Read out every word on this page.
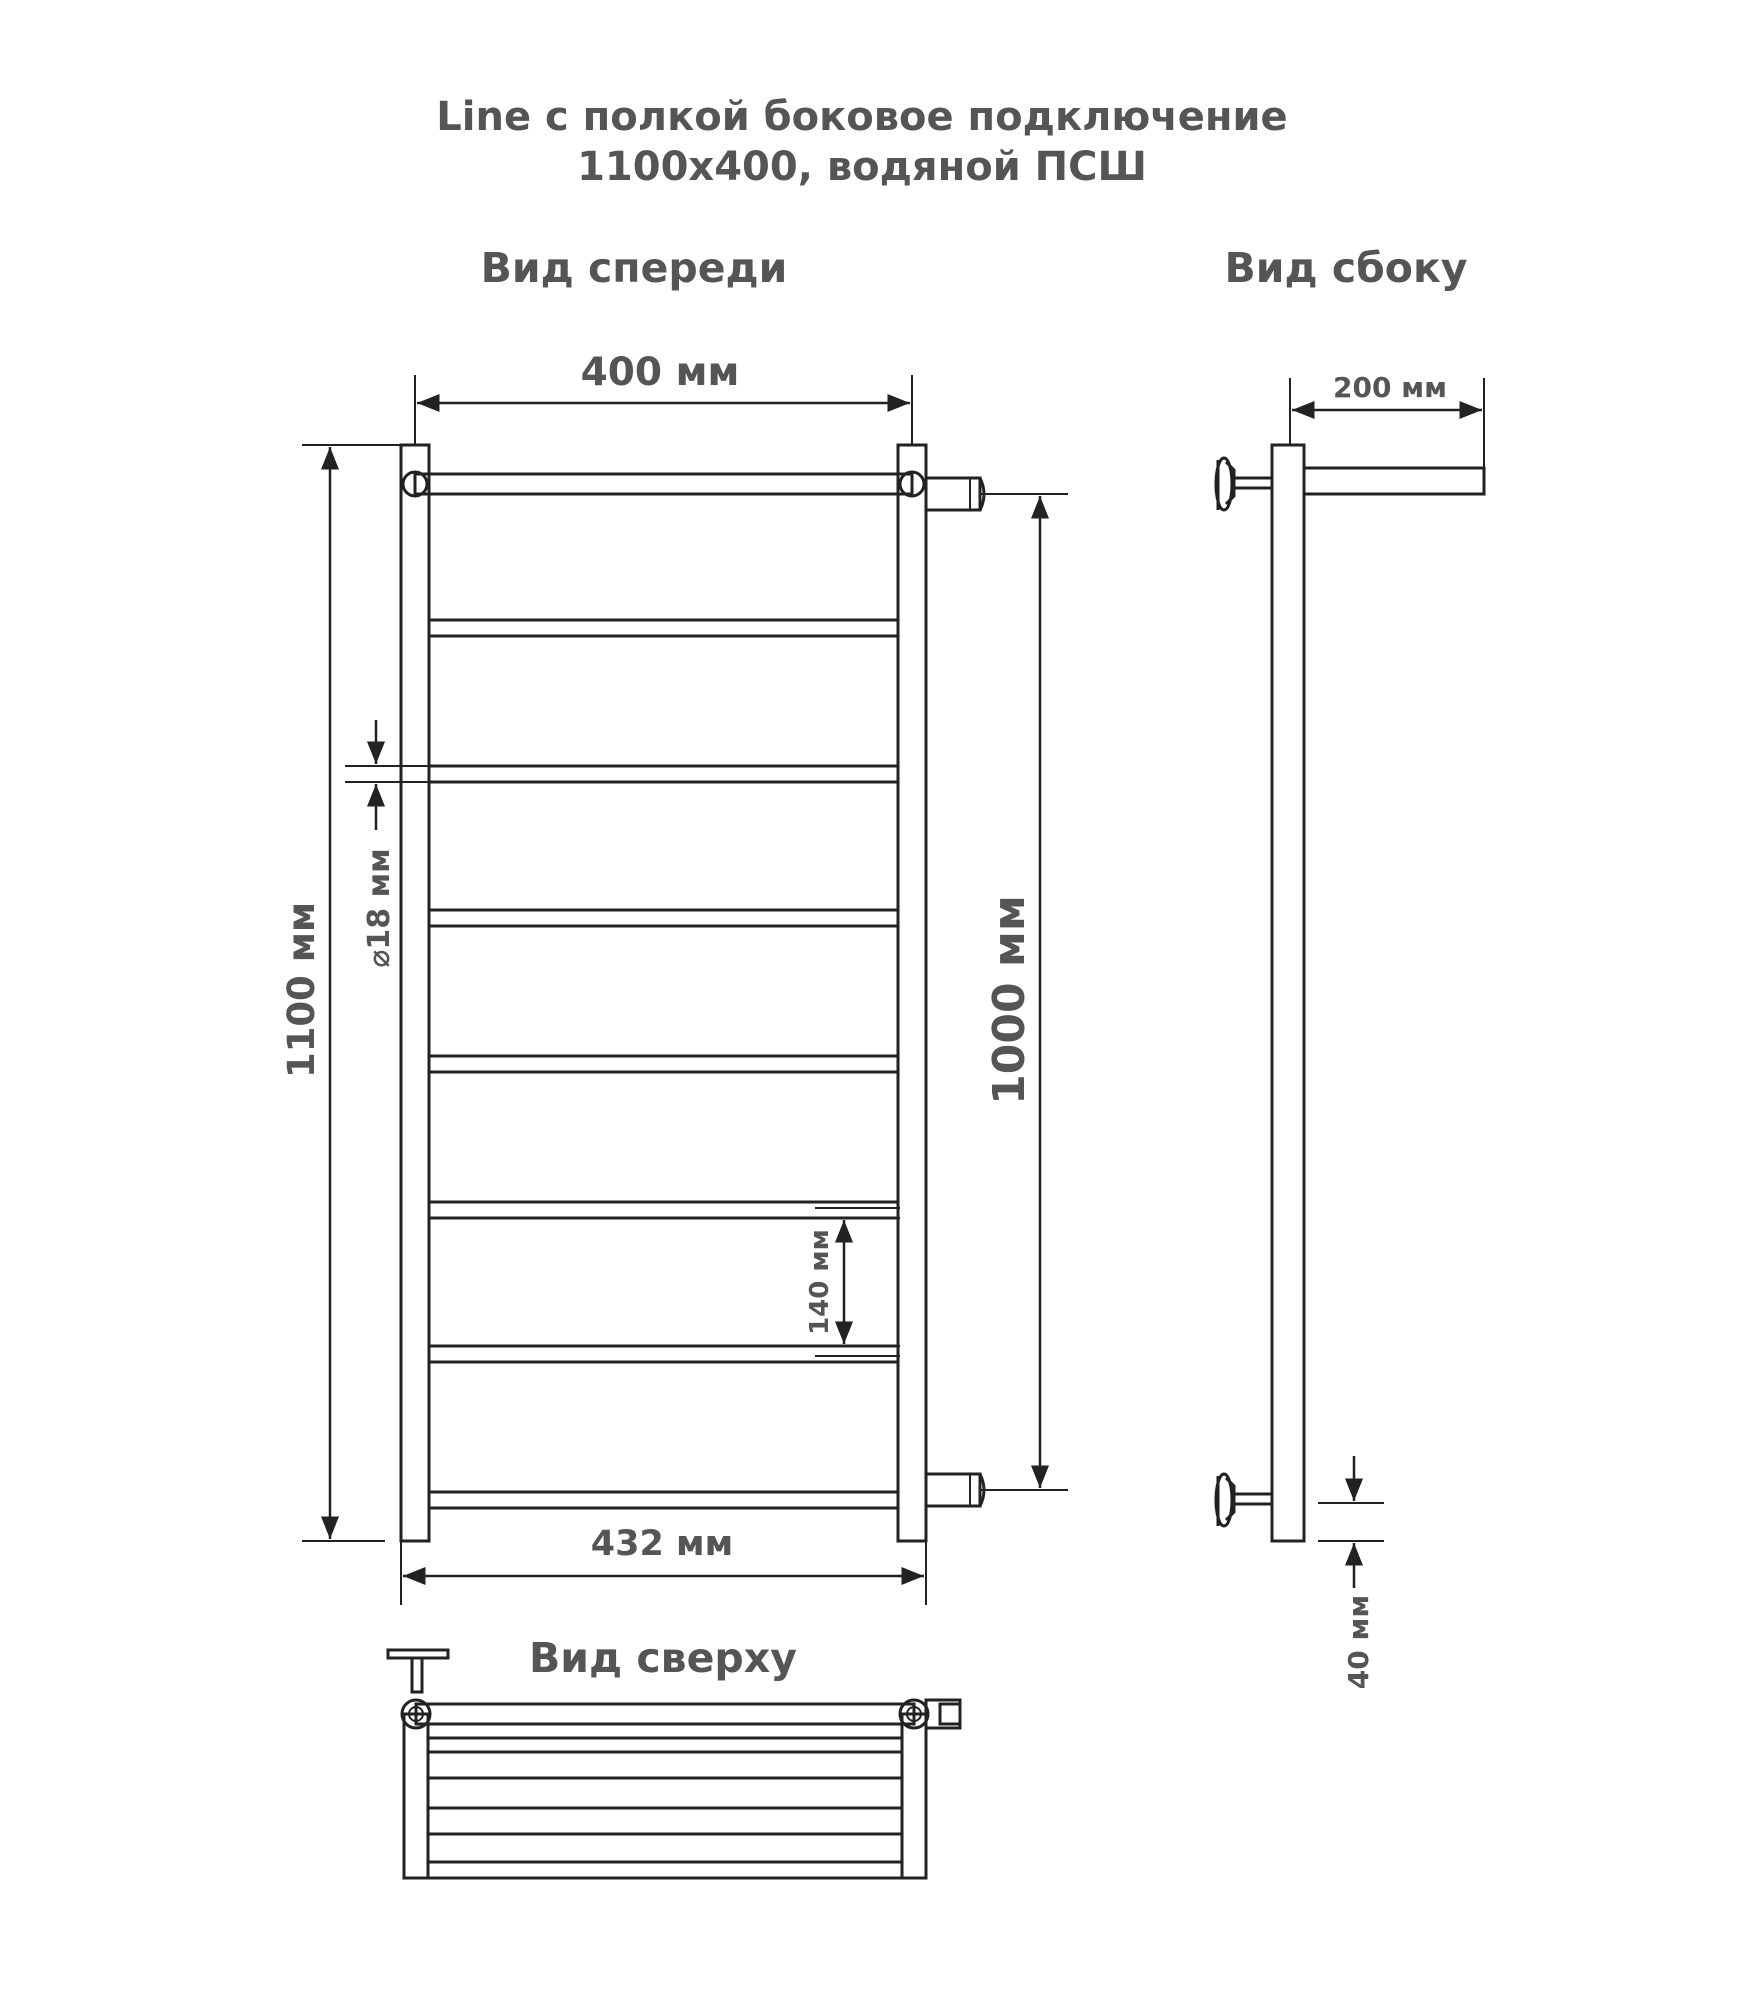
Line с полкой боковое подключение
1100х400, водяной ПСШ
Вид спереди	Вид сбоку
Вид сверху
400 мм
432 мм
1100 мм	1000 мм
⌀18 мм
140 мм
200 мм
40 мм
